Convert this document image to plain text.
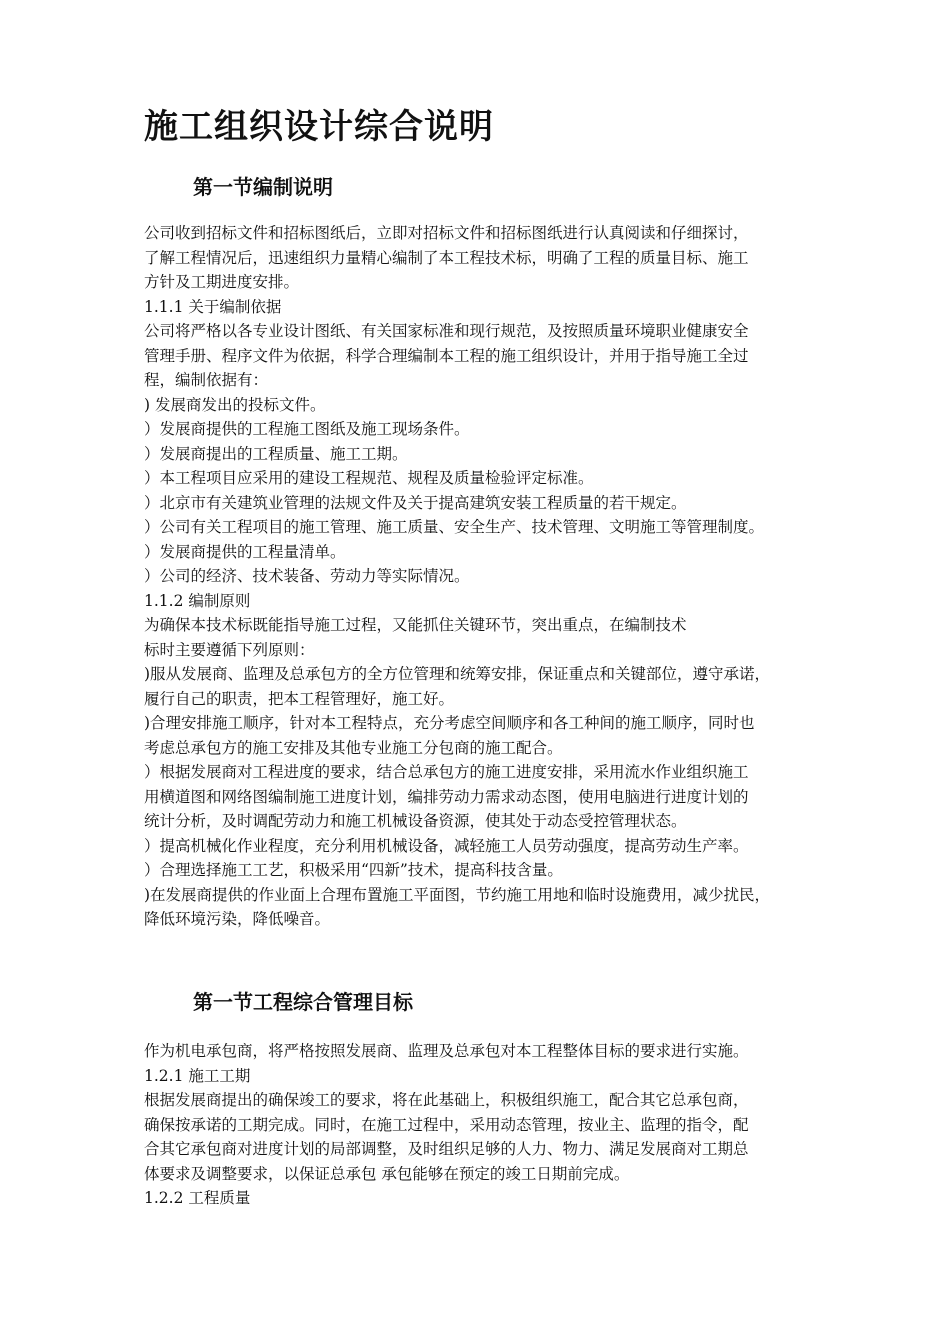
施工组织设计综合说明
第一节编制说明
公司收到招标文件和招标图纸后，立即对招标文件和招标图纸进行认真阅读和仔细探讨，
了解工程情况后，迅速组织力量精心编制了本工程技术标，明确了工程的质量目标、施工
方针及工期进度安排。
1.1.1 关于编制依据
公司将严格以各专业设计图纸、有关国家标准和现行规范，及按照质量环境职业健康安全
管理手册、程序文件为依据，科学合理编制本工程的施工组织设计，并用于指导施工全过
程，编制依据有：
) 发展商发出的投标文件。
）发展商提供的工程施工图纸及施工现场条件。
）发展商提出的工程质量、施工工期。
）本工程项目应采用的建设工程规范、规程及质量检验评定标准。
）北京市有关建筑业管理的法规文件及关于提高建筑安装工程质量的若干规定。
）公司有关工程项目的施工管理、施工质量、安全生产、技术管理、文明施工等管理制度。
）发展商提供的工程量清单。
）公司的经济、技术装备、劳动力等实际情况。
1.1.2 编制原则
为确保本技术标既能指导施工过程，又能抓住关键环节，突出重点，在编制技术
标时主要遵循下列原则：
)服从发展商、监理及总承包方的全方位管理和统筹安排，保证重点和关键部位，遵守承诺，
履行自己的职责，把本工程管理好，施工好。
)合理安排施工顺序，针对本工程特点，充分考虑空间顺序和各工种间的施工顺序，同时也
考虑总承包方的施工安排及其他专业施工分包商的施工配合。
）根据发展商对工程进度的要求，结合总承包方的施工进度安排，采用流水作业组织施工
用横道图和网络图编制施工进度计划，编排劳动力需求动态图，使用电脑进行进度计划的
统计分析，及时调配劳动力和施工机械设备资源，使其处于动态受控管理状态。
）提高机械化作业程度，充分利用机械设备，减轻施工人员劳动强度，提高劳动生产率。
）合理选择施工工艺，积极采用“四新”技术，提高科技含量。
)在发展商提供的作业面上合理布置施工平面图，节约施工用地和临时设施费用，减少扰民，
降低环境污染，降低噪音。
第一节工程综合管理目标
作为机电承包商，将严格按照发展商、监理及总承包对本工程整体目标的要求进行实施。
1.2.1 施工工期
根据发展商提出的确保竣工的要求，将在此基础上，积极组织施工，配合其它总承包商，
确保按承诺的工期完成。同时，在施工过程中，采用动态管理，按业主、监理的指令，配
合其它承包商对进度计划的局部调整，及时组织足够的人力、物力、满足发展商对工期总
体要求及调整要求，以保证总承包 承包能够在预定的竣工日期前完成。
1.2.2 工程质量
